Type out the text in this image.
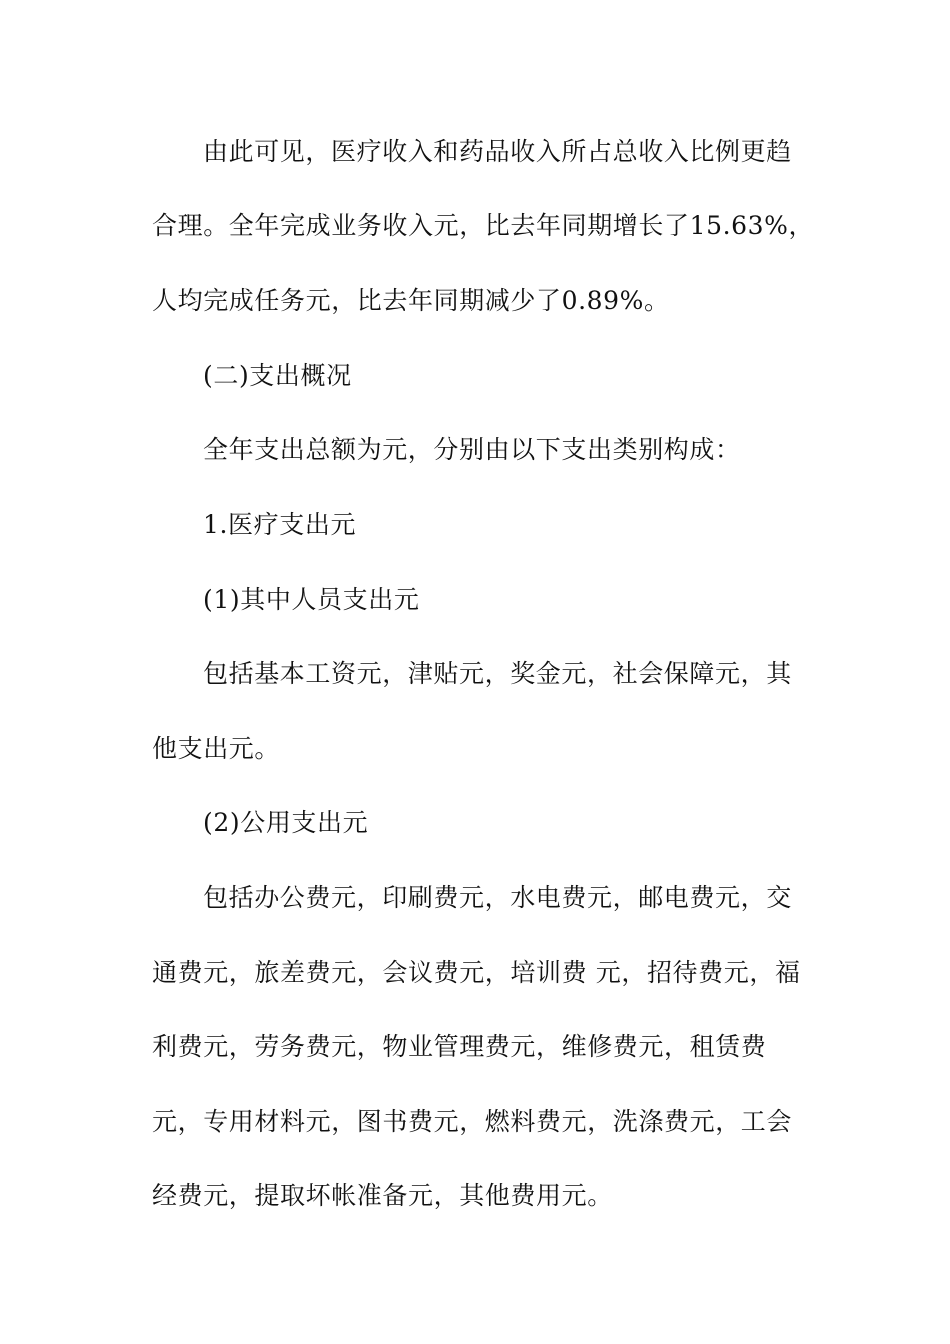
由此可见，医疗收入和药品收入所占总收入比例更趋
合理。全年完成业务收入元，比去年同期增长了15.63%，
人均完成任务元，比去年同期减少了0.89%。
(二)支出概况
全年支出总额为元，分别由以下支出类别构成：
1.医疗支出元
(1)其中人员支出元
包括基本工资元，津贴元，奖金元，社会保障元，其
他支出元。
(2)公用支出元
包括办公费元，印刷费元，水电费元，邮电费元，交
通费元，旅差费元，会议费元，培训费 元，招待费元，福
利费元，劳务费元，物业管理费元，维修费元，租赁费
元，专用材料元，图书费元，燃料费元，洗涤费元，工会
经费元，提取坏帐准备元，其他费用元。
